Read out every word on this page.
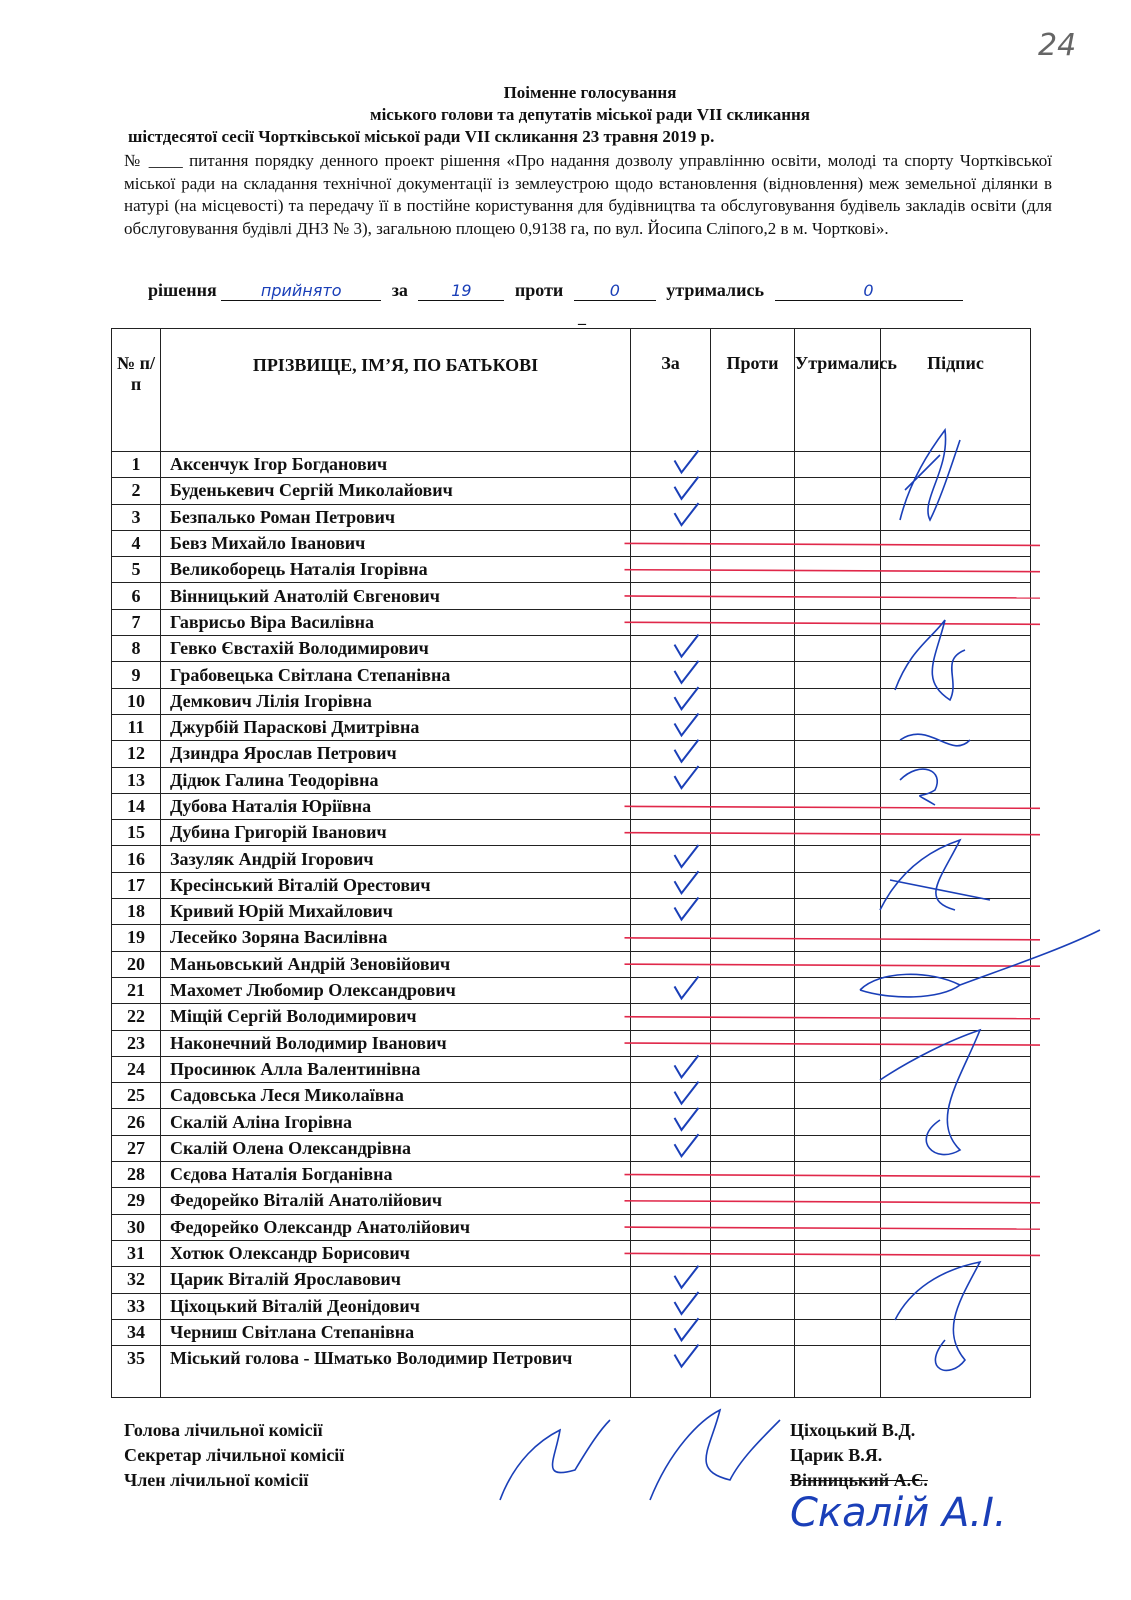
24
Поіменне голосування
міського голови та депутатів міської ради VII скликання
шістдесятої сесії Чортківської міської ради VII скликання 23 травня 2019 р.
№ ____ питання порядку денного проект рішення «Про надання дозволу управлінню освіти, молоді та спорту Чортківської міської ради на складання технічної документації із землеустрою щодо встановлення (відновлення) меж земельної ділянки в натурі (на місцевості) та передачу її в постійне користування для будівництва та обслуговування будівель закладів освіти (для обслуговування будівлі ДНЗ № 3), загальною площею 0,9138 га, по вул. Йосипа Сліпого,2 в м. Чорткові».
рішення	прийнято	за	19 проти	0	утримались	0
_
№ п/п	ПРІЗВИЩЕ, ІМ’Я, ПО БАТЬКОВІ	За	Проти	Утримались	Підпис
1	Аксенчук Ігор Богданович				
2	Буденькевич Сергій Миколайович				
3	Безпалько Роман Петрович				
4	Бевз Михайло Іванович				
5	Великоборець Наталія Ігорівна				
6	Вінницький Анатолій Євгенович				
7	Гаврисьо Віра Василівна				
8	Гевко Євстахій Володимирович				
9	Грабовецька Світлана Степанівна				
10	Демкович Лілія Ігорівна				
11	Джурбій Параскові Дмитрівна				
12	Дзиндра Ярослав Петрович				
13	Дідюк Галина Теодорівна				
14	Дубова Наталія Юріївна				
15	Дубина Григорій Іванович				
16	Зазуляк Андрій Ігорович				
17	Кресінський Віталій Орестович				
18	Кривий Юрій Михайлович				
19	Лесейко Зоряна Василівна				
20	Маньовський Андрій Зеновійович				
21	Махомет Любомир Олександрович				
22	Міщій Сергій Володимирович				
23	Наконечний Володимир Іванович				
24	Просинюк Алла Валентинівна				
25	Садовська Леся Миколаївна				
26	Скалій Аліна Ігорівна				
27	Скалій Олена Олександрівна				
28	Сєдова Наталія Богданівна				
29	Федорейко Віталій Анатолійович				
30	Федорейко Олександр Анатолійович				
31	Хотюк Олександр Борисович				
32	Царик Віталій Ярославович				
33	Ціхоцький Віталій Деонідович				
34	Черниш Світлана Степанівна				
35	Міський голова - Шматько Володимир Петрович				
Голова лічильної комісії
Секретар лічильної комісії
Член лічильної комісії
Ціхоцький В.Д.
Царик В.Я.
Вінницький А.Є.
Скалій А.І.
